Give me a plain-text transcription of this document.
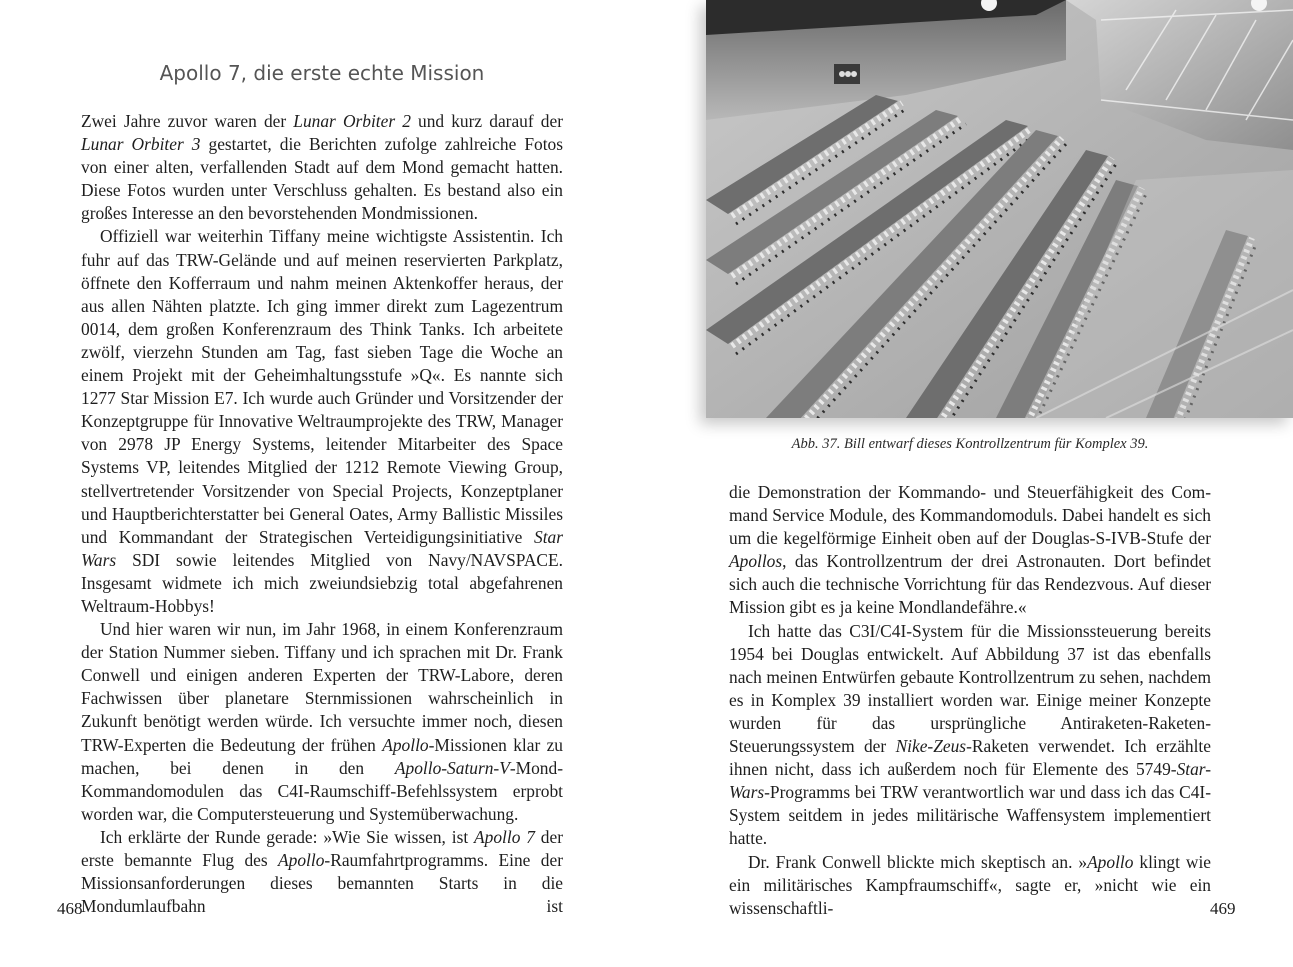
Apollo 7, die erste echte Mission

Zwei Jahre zuvor waren der Lunar Orbiter 2 und kurz darauf der Lunar Orbiter 3 gestartet, die Berichten zufolge zahlreiche Fotos von einer alten, verfallenden Stadt auf dem Mond gemacht hatten. Diese Fotos wurden unter Verschluss gehalten. Es bestand also ein großes Interesse an den bevorstehenden Mondmissionen.

Offiziell war weiterhin Tiffany meine wichtigste Assistentin. Ich fuhr auf das TRW-Gelände und auf meinen reservierten Parkplatz, öffnete den Kofferraum und nahm meinen Aktenkoffer heraus, der aus allen Nähten platzte. Ich ging immer direkt zum Lagezentrum 0014, dem großen Konferenzraum des Think Tanks. Ich arbeitete zwölf, vierzehn Stunden am Tag, fast sieben Tage die Woche an einem Projekt mit der Geheimhaltungsstufe »Q«. Es nannte sich 1277 Star Mission E7. Ich wurde auch Gründer und Vorsitzender der Konzeptgruppe für Innovative Weltraumprojekte des TRW, Manager von 2978 JP Energy Systems, leitender Mitarbeiter des Space Systems VP, leitendes Mitglied der 1212 Remote Viewing Group, stellvertretender Vorsitzender von Special Projects, Konzeptplaner und Hauptberichterstatter bei General Oates, Army Ballistic Missiles und Kommandant der Strategischen Verteidigungsinitiative Star Wars SDI sowie leitendes Mitglied von Navy/NAVSPACE. Insgesamt widmete ich mich zweiundsiebzig total abgefahrenen Weltraum-Hobbys!

Und hier waren wir nun, im Jahr 1968, in einem Konferenzraum der Station Nummer sieben. Tiffany und ich sprachen mit Dr. Frank Conwell und einigen anderen Experten der TRW-Labore, deren Fachwissen über planetare Sternmissionen wahrscheinlich in Zukunft benötigt werden würde. Ich versuchte immer noch, diesen TRW-Experten die Bedeutung der frühen Apollo-Missionen klar zu machen, bei denen in den Apollo-Saturn-V-Mond-Kommandomodulen das C4I-Raumschiff-Befehlssystem erprobt worden war, die Computersteuerung und Systemüberwachung.

Ich erklärte der Runde gerade: »Wie Sie wissen, ist Apollo 7 der erste bemannte Flug des Apollo-Raumfahrtprogramms. Eine der Missionsanforderungen dieses bemannten Starts in die Mondumlaufbahn ist

468
Abb. 37. Bill entwarf dieses Kontrollzentrum für Komplex 39.

die Demonstration der Kommando- und Steuerfähigkeit des Command Service Module, des Kommandomoduls. Dabei handelt es sich um die kegelförmige Einheit oben auf der Douglas-S-IVB-Stufe der Apollos, das Kontrollzentrum der drei Astronauten. Dort befindet sich auch die technische Vorrichtung für das Rendezvous. Auf dieser Mission gibt es ja keine Mondlandefähre.«

Ich hatte das C3I/C4I-System für die Missionssteuerung bereits 1954 bei Douglas entwickelt. Auf Abbildung 37 ist das ebenfalls nach meinen Entwürfen gebaute Kontrollzentrum zu sehen, nachdem es in Komplex 39 installiert worden war. Einige meiner Konzepte wurden für das ursprüngliche Antiraketen-Raketen-Steuerungssystem der Nike-Zeus-Raketen verwendet. Ich erzählte ihnen nicht, dass ich außerdem noch für Elemente des 5749-Star-Wars-Programms bei TRW verantwortlich war und dass ich das C4I-System seitdem in jedes militärische Waffensystem implementiert hatte.

Dr. Frank Conwell blickte mich skeptisch an. »Apollo klingt wie ein militärisches Kampfraumschiff«, sagte er, »nicht wie ein wissenschaftli-	469
